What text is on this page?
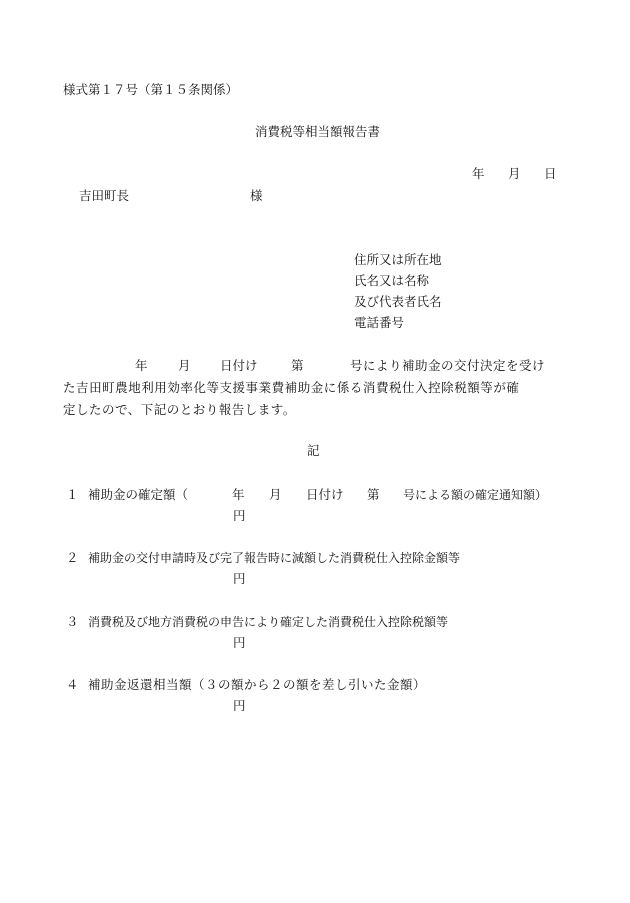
様式第１７号（第１５条関係）
消費税等相当額報告書
年 月 日
吉田町長	様
住所又は所在地
氏名又は名称
及び代表者氏名
電話番号
年 月 日付け	第	号により補助金の交付決定を受け
た吉田町農地利用効率化等支援事業費補助金に係る消費税仕入控除税額等が確
定したので、下記のとおり報告します。
記
１ 補助金の確定額（	年 月 日付け 第 号による額の確定通知額）
円
２ 補助金の交付申請時及び完了報告時に減額した消費税仕入控除金額等
円
３ 消費税及び地方消費税の申告により確定した消費税仕入控除税額等
円
４ 補助金返還相当額（３の額から２の額を差し引いた金額）
円
